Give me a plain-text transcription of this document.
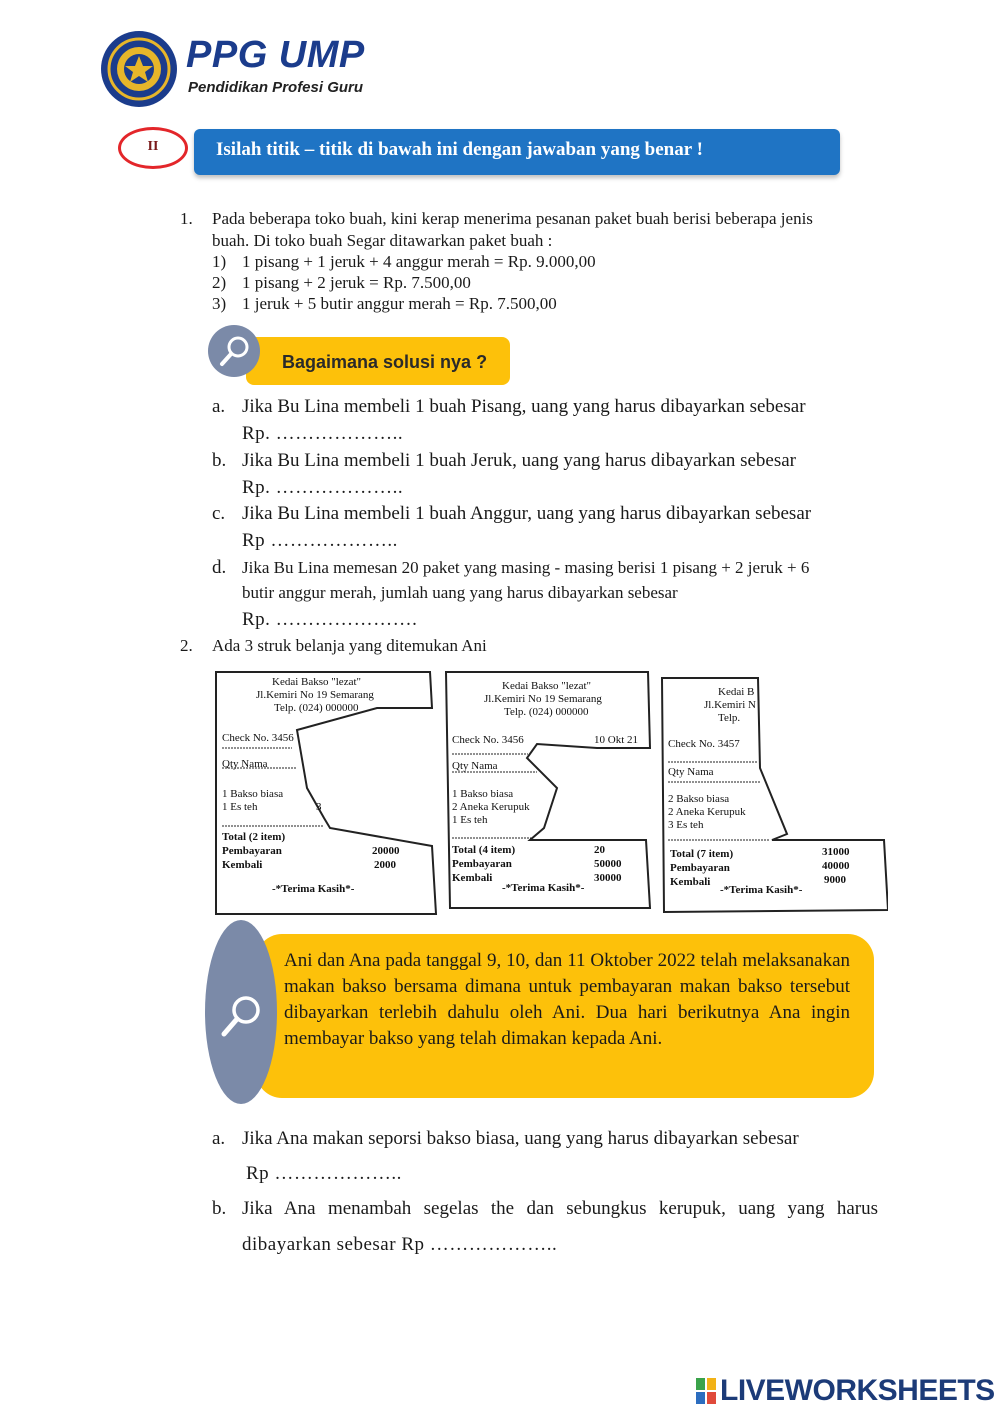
PPG UMP
Pendidikan Profesi Guru
II	Isilah titik – titik di bawah ini dengan jawaban yang benar !
1. Pada beberapa toko buah, kini kerap menerima pesanan paket buah berisi beberapa jenis
buah. Di toko buah Segar ditawarkan paket buah :
1) 1 pisang + 1 jeruk + 4 anggur merah = Rp. 9.000,00
2) 1 pisang + 2 jeruk = Rp. 7.500,00
3) 1 jeruk + 5 butir anggur merah = Rp. 7.500,00
Bagaimana solusi nya ?
a. Jika Bu Lina membeli 1 buah Pisang, uang yang harus dibayarkan sebesar
Rp. ………………..
b. Jika Bu Lina membeli 1 buah Jeruk, uang yang harus dibayarkan sebesar
Rp. ………………..
c. Jika Bu Lina membeli 1 buah Anggur, uang yang harus dibayarkan sebesar
Rp ………………..
d. Jika Bu Lina memesan 20 paket yang masing - masing berisi 1 pisang + 2 jeruk + 6
butir anggur merah, jumlah uang yang harus dibayarkan sebesar
Rp. ………………….
2. Ada 3 struk belanja yang ditemukan Ani
Kedai Bakso "lezat"
Jl.Kemiri No 19 Semarang
Telp. (024) 000000
Check No. 3456
Qty Nama
1 Bakso biasa
1 Es teh	3
Total (2 item)
Pembayaran	20000
Kembali	2000
-*Terima Kasih*-
Kedai Bakso "lezat"
Jl.Kemiri No 19 Semarang
Telp. (024) 000000
Check No. 3456	10 Okt 21
Qty Nama
1 Bakso biasa
2 Aneka Kerupuk
1 Es teh
Total (4 item)	20
Pembayaran	50000
Kembali	30000
-*Terima Kasih*-
Kedai B
Jl.Kemiri N
Telp.
Check No. 3457
Qty Nama
2 Bakso biasa
2 Aneka Kerupuk
3 Es teh
Total (7 item)	31000
Pembayaran	40000
Kembali	9000
-*Terima Kasih*-
Ani dan Ana pada tanggal 9, 10, dan 11 Oktober 2022 telah melaksanakan makan bakso bersama dimana untuk pembayaran makan bakso tersebut dibayarkan terlebih dahulu oleh Ani. Dua hari berikutnya Ana ingin membayar bakso yang telah dimakan kepada Ani.
a. Jika Ana makan seporsi bakso biasa, uang yang harus dibayarkan sebesar
Rp ………………..
b. Jika Ana menambah segelas the dan sebungkus kerupuk, uang yang harus
dibayarkan sebesar Rp ………………..
LIVEWORKSHEETS
